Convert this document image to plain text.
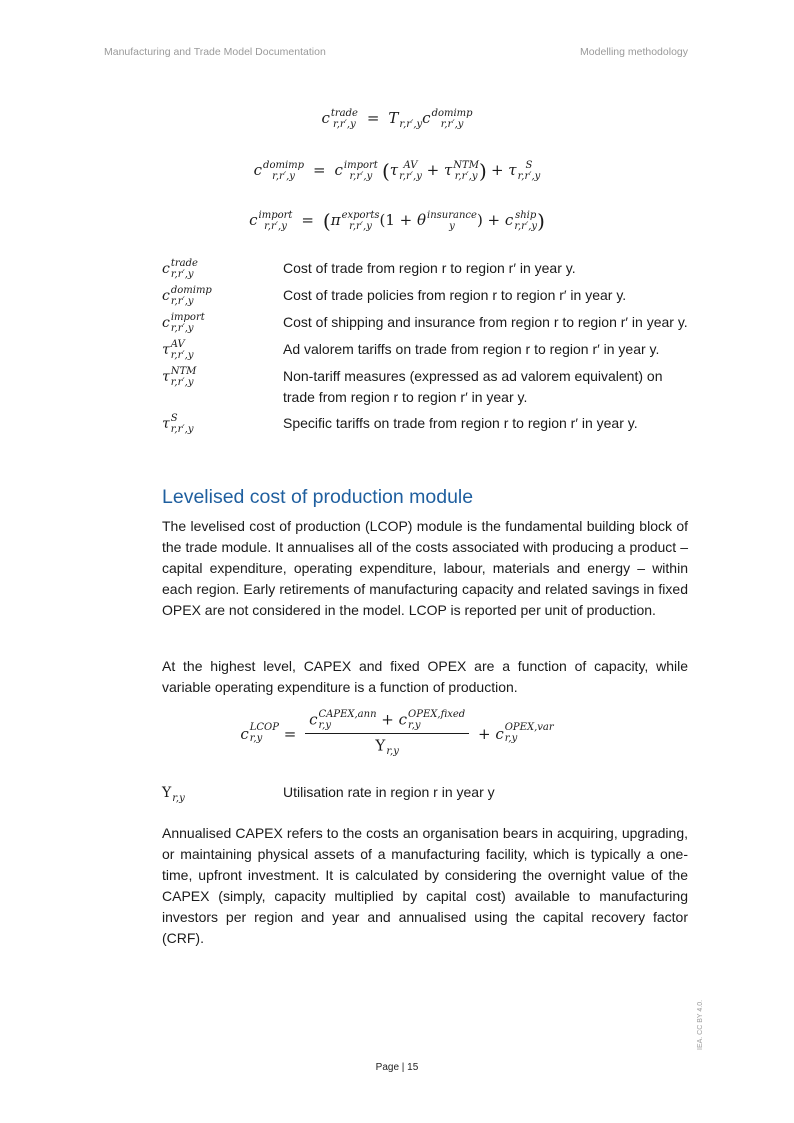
Manufacturing and Trade Model Documentation	Modelling methodology
c trade
r,r′,y =  T
r,r′,y c domimp
r,r′,y
c domimp
r,r′,y =  c import
r,r′,y (τ AV
r,r′,y + τ NTM
r,r′,y ) + τ S
r,r′,y
c import
r,r′,y =  (π exports
r,r′,y (1 + θ insurance
y	) + c ship
r,r′,y )
c trade
r,r′,y	Cost of trade from region r to region r′ in year y.
c domimp
r,r′,y	Cost of trade policies from region r to region r′ in year y.
c import
r,r′,y	Cost of shipping and insurance from region r to region r′ in year y.
τ AV
r,r′,y	Ad valorem tariffs on trade from region r to region r′ in year y.
τ NTM
r,r′,y	Non-tariff measures (expressed as ad valorem equivalent) on trade from region r to region r′ in year y.
τ S
r,r′,y	Specific tariffs on trade from region r to region r′ in year y.
Levelised cost of production module
The levelised cost of production (LCOP) module is the fundamental building block of the trade module. It annualises all of the costs associated with producing a product – capital expenditure, operating expenditure, labour, materials and energy – within each region. Early retirements of manufacturing capacity and related savings in fixed OPEX are not considered in the model. LCOP is reported per unit of production.
At the highest level, CAPEX and fixed OPEX are a function of capacity, while variable operating expenditure is a function of production.
c LCOP
r,y	= c CAPEX,ann
r,y	+ c OPEX,fixed
r,y
Υ
r,y + c OPEX,var
r,y
Υ
r,y	Utilisation rate in region r in year y
Annualised CAPEX refers to the costs an organisation bears in acquiring, upgrading, or maintaining physical assets of a manufacturing facility, which is typically a one-time, upfront investment. It is calculated by considering the overnight value of the CAPEX (simply, capacity multiplied by capital cost) available to manufacturing investors per region and year and annualised using the capital recovery factor (CRF).
Page | 15
IEA. CC BY 4.0.
